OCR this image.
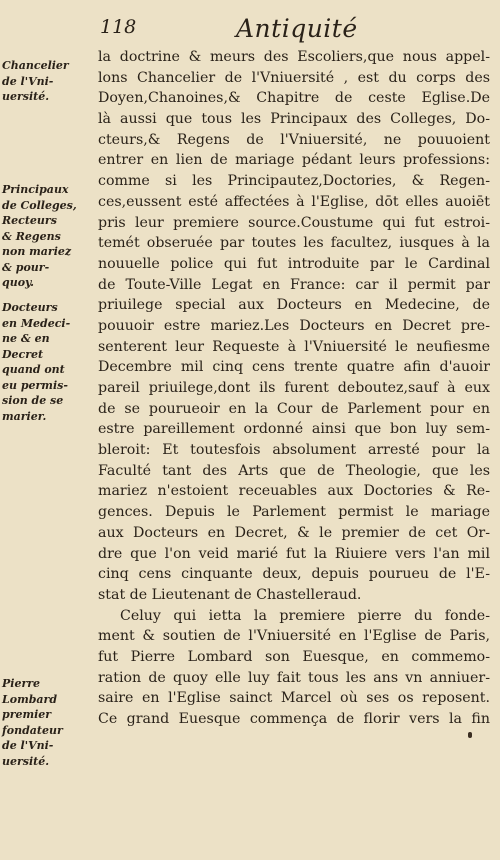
118	Antiquité
la doctrine & meurs des Escoliers,que nous appel-
lons Chancelier de l'Vniuersité , est du corps des
Doyen,Chanoines,& Chapitre de ceste Eglise.De
là aussi que tous les Principaux des Colleges, Do-
cteurs,& Regens de l'Vniuersité, ne pouuoient
entrer en lien de mariage pédant leurs professions:
comme si les Principautez,Doctories, & Regen-
ces,eussent esté affectées à l'Eglise, dōt elles auoiēt
pris leur premiere source.Coustume qui fut estroi-
temét obseruée par toutes les facultez, iusques à la
nouuelle police qui fut introduite par le Cardinal
de Toute-Ville Legat en France: car il permit par
priuilege special aux Docteurs en Medecine, de
pouuoir estre mariez.Les Docteurs en Decret pre-
senterent leur Requeste à l'Vniuersité le neufiesme
Decembre mil cinq cens trente quatre afin d'auoir
pareil priuilege,dont ils furent deboutez,sauf à eux
de se pourueoir en la Cour de Parlement pour en
estre pareillement ordonné ainsi que bon luy sem-
bleroit: Et toutesfois absolument arresté pour la
Faculté tant des Arts que de Theologie, que les
mariez n'estoient receuables aux Doctories & Re-
gences. Depuis le Parlement permist le mariage
aux Docteurs en Decret, & le premier de cet Or-
dre que l'on veid marié fut la Riuiere vers l'an mil
cinq cens cinquante deux, depuis pourueu de l'E-
stat de Lieutenant de Chastelleraud.
Celuy qui ietta la premiere pierre du fonde-
ment & soutien de l'Vniuersité en l'Eglise de Paris,
fut Pierre Lombard son Euesque, en commemo-
ration de quoy elle luy fait tous les ans vn anniuer-
saire en l'Eglise sainct Marcel où ses os reposent.
Ce grand Euesque commença de florir vers la fin
Chancelier
de l'Vni-
uersité.
Principaux
de Colleges,
Recteurs
& Regens
non mariez
& pour-
quoy.
Docteurs
en Medeci-
ne & en
Decret
quand ont
eu permis-
sion de se
marier.
Pierre
Lombard
premier
fondateur
de l'Vni-
uersité.
